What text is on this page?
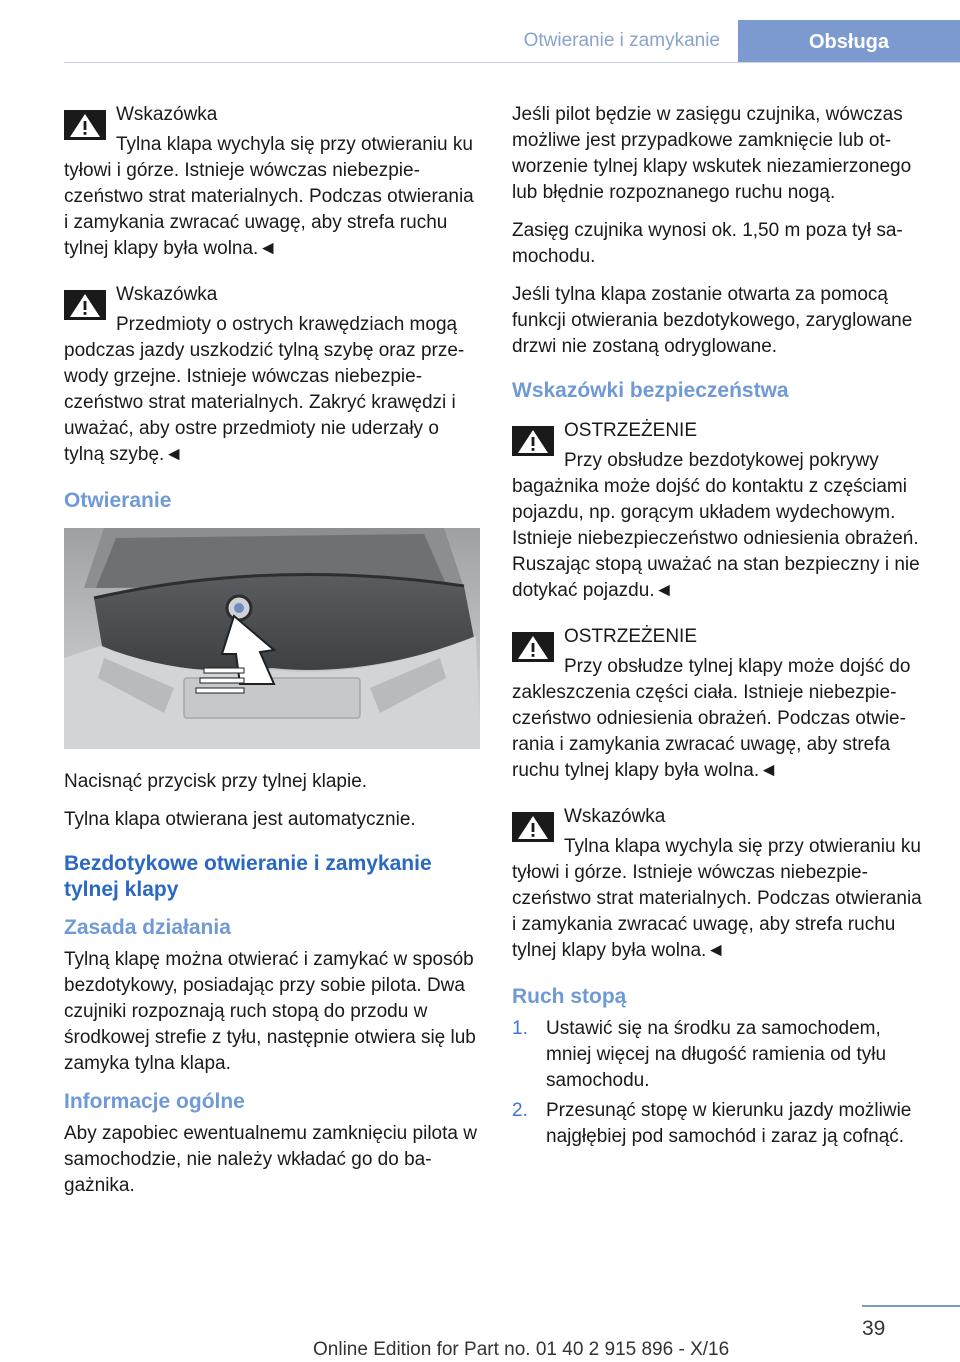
Otwieranie i zamykanie	Obsługa

Wskazówka

Tylna klapa wychyla się przy otwieraniu ku tyłowi i górze. Istnieje wówczas niebezpieczeństwo strat materialnych. Podczas otwierania i zamykania zwracać uwagę, aby strefa ruchu tylnej klapy była wolna.◄

Wskazówka

Przedmioty o ostrych krawędziach mogą podczas jazdy uszkodzić tylną szybę oraz przewody grzejne. Istnieje wówczas niebezpieczeństwo strat materialnych. Zakryć krawędzi i uważać, aby ostre przedmioty nie uderzały o tylną szybę.◄

Otwieranie

Nacisnąć przycisk przy tylnej klapie.

Tylna klapa otwierana jest automatycznie.

Bezdotykowe otwieranie i zamykanie tylnej klapy
Zasada działania

Tylną klapę można otwierać i zamykać w sposób bezdotykowy, posiadając przy sobie pilota. Dwa czujniki rozpoznają ruch stopą do przodu w środkowej strefie z tyłu, następnie otwiera się lub zamyka tylna klapa.

Informacje ogólne

Aby zapobiec ewentualnemu zamknięciu pilota w samochodzie, nie należy wkładać go do bagażnika.

Jeśli pilot będzie w zasięgu czujnika, wówczas możliwe jest przypadkowe zamknięcie lub otworzenie tylnej klapy wskutek niezamierzonego lub błędnie rozpoznanego ruchu nogą.

Zasięg czujnika wynosi ok. 1,50 m poza tył samochodu.

Jeśli tylna klapa zostanie otwarta za pomocą funkcji otwierania bezdotykowego, zaryglowane drzwi nie zostaną odryglowane.

Wskazówki bezpieczeństwa

OSTRZEŻENIE

Przy obsłudze bezdotykowej pokrywy bagażnika może dojść do kontaktu z częściami pojazdu, np. gorącym układem wydechowym. Istnieje niebezpieczeństwo odniesienia obrażeń. Ruszając stopą uważać na stan bezpieczny i nie dotykać pojazdu.◄

OSTRZEŻENIE

Przy obsłudze tylnej klapy może dojść do zakleszczenia części ciała. Istnieje niebezpieczeństwo odniesienia obrażeń. Podczas otwierania i zamykania zwracać uwagę, aby strefa ruchu tylnej klapy była wolna.◄

Wskazówka

Tylna klapa wychyla się przy otwieraniu ku tyłowi i górze. Istnieje wówczas niebezpieczeństwo strat materialnych. Podczas otwierania i zamykania zwracać uwagę, aby strefa ruchu tylnej klapy była wolna.◄

Ruch stopą
1. Ustawić się na środku za samochodem, mniej więcej na długość ramienia od tyłu samochodu.
2. Przesunąć stopę w kierunku jazdy możliwie najgłębiej pod samochód i zaraz ją cofnąć.
39
Online Edition for Part no. 01 40 2 915 896 - X/16
